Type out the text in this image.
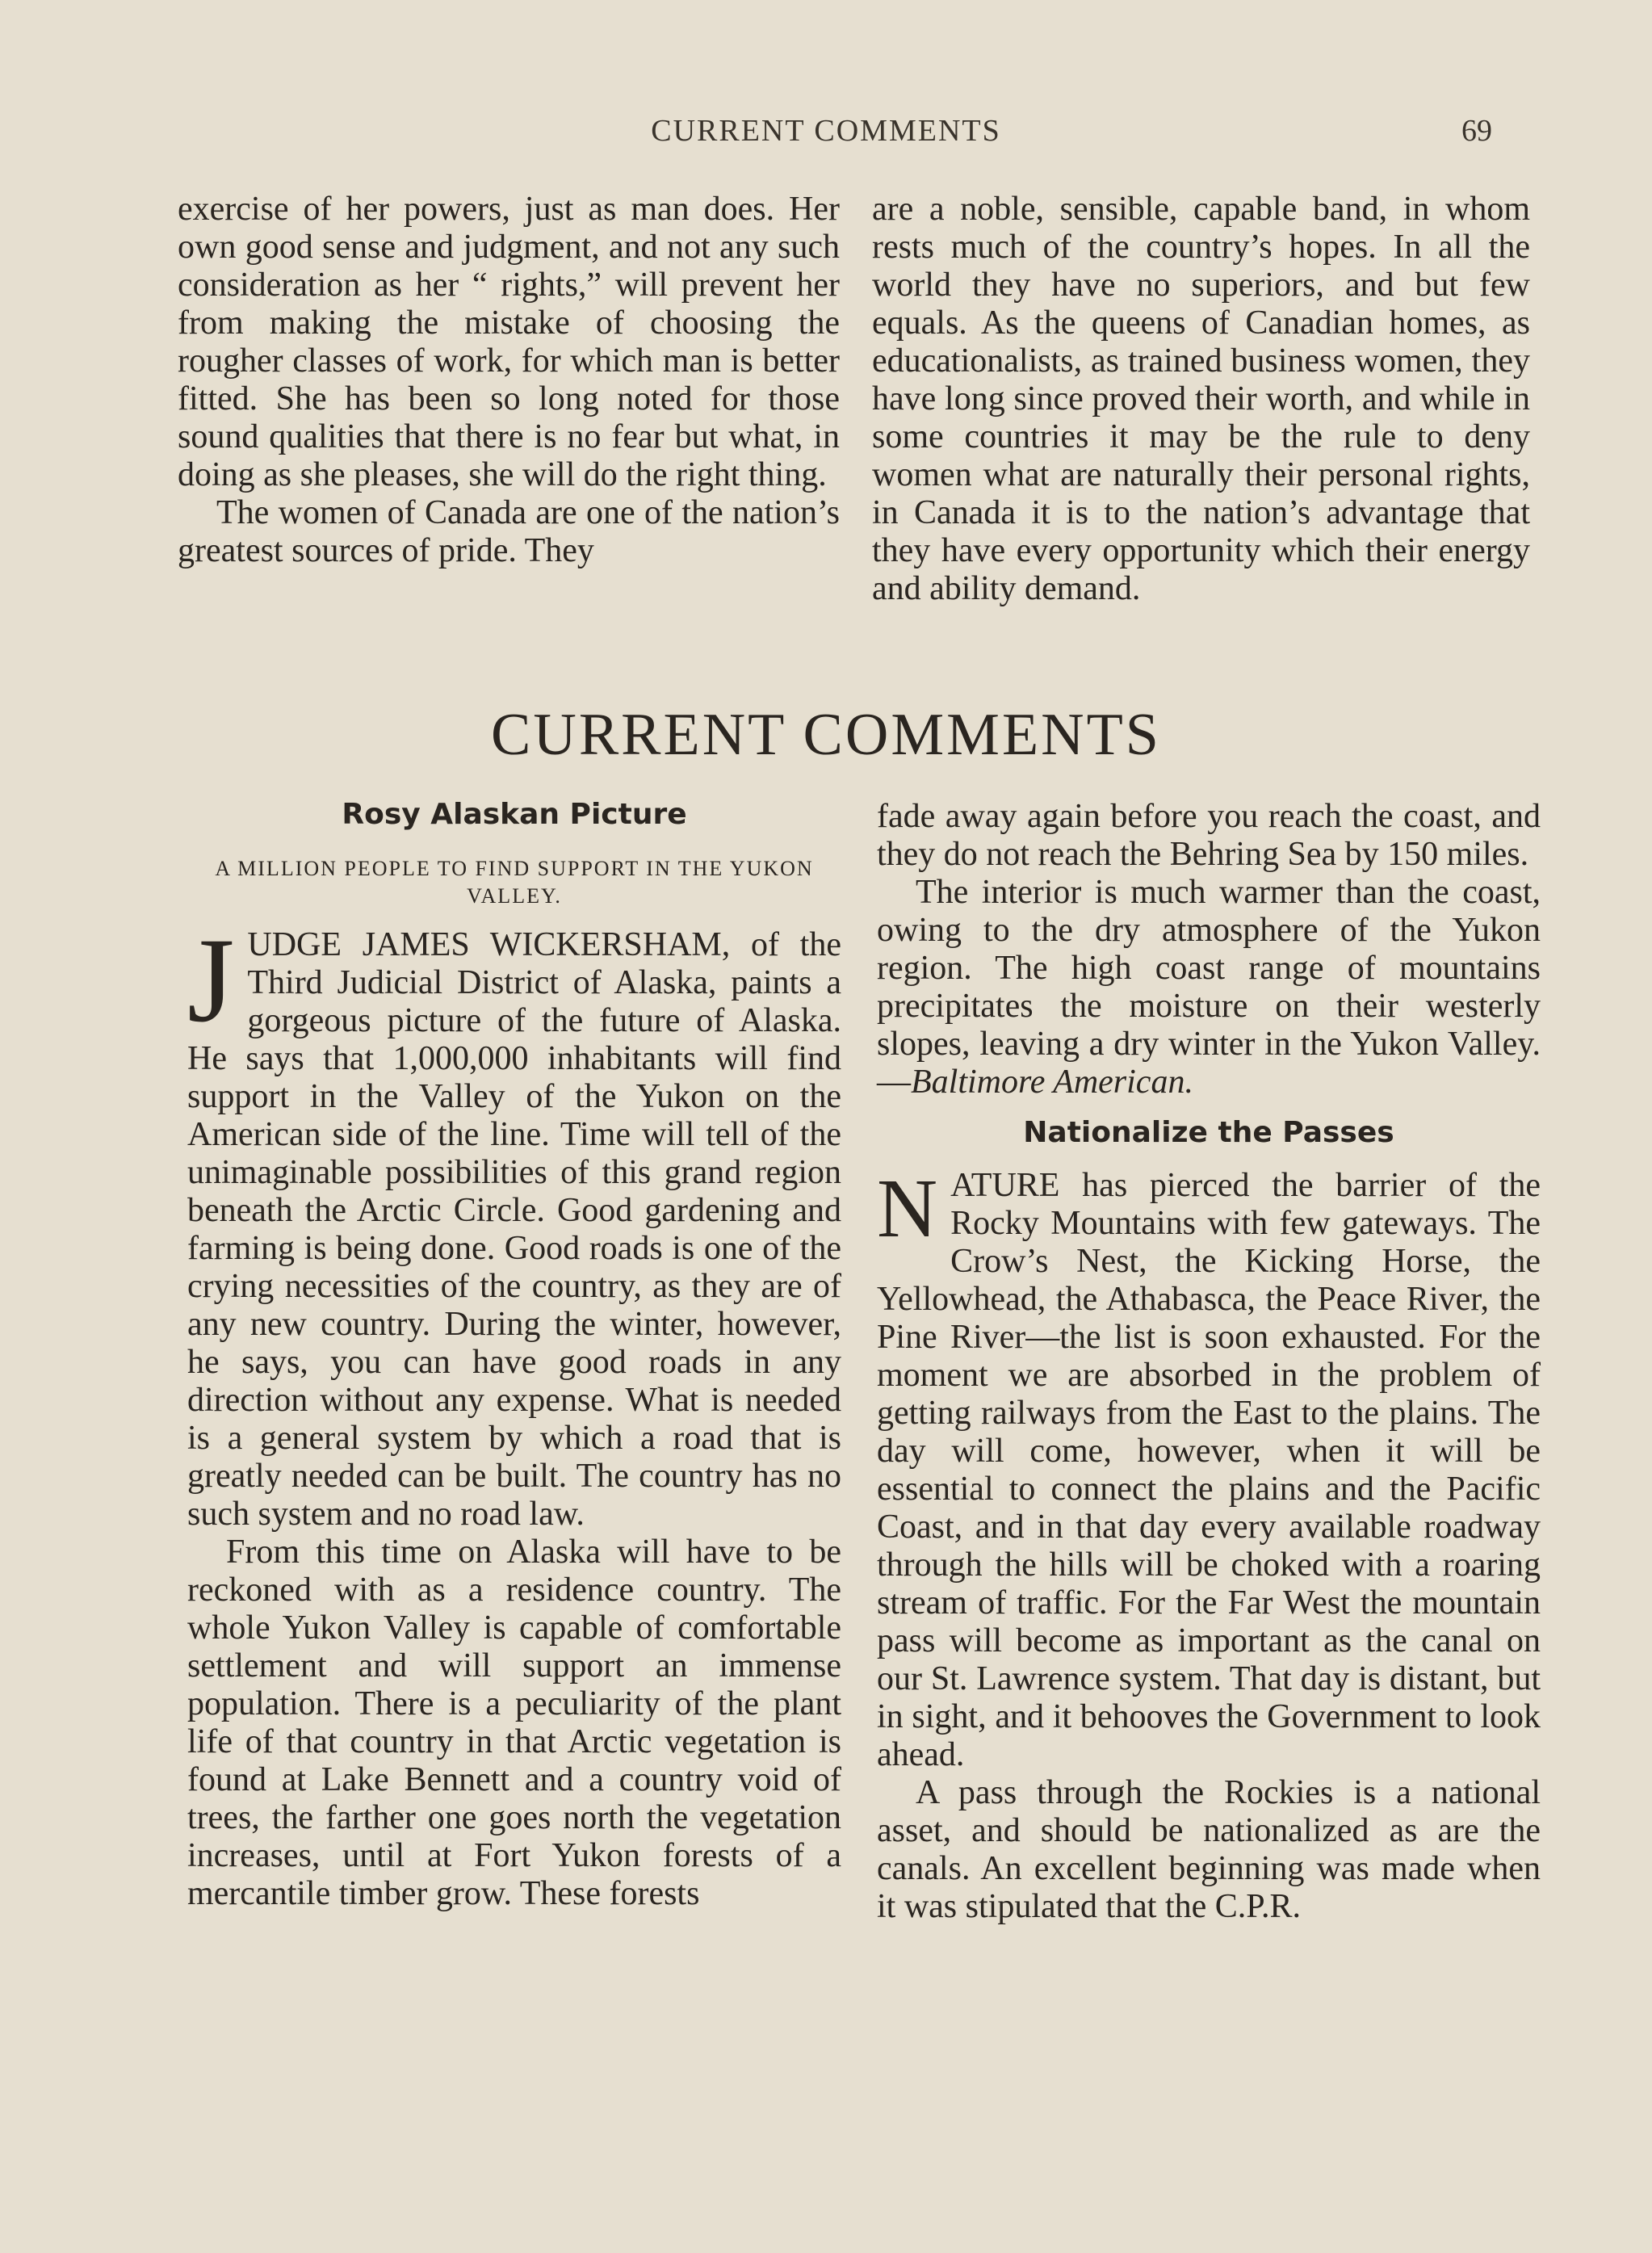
CURRENT COMMENTS	69

exercise of her powers, just as man does. Her own good sense and judgment, and not any such consideration as her “ rights,” will prevent her from making the mistake of choosing the rougher classes of work, for which man is better fitted. She has been so long noted for those sound qualities that there is no fear but what, in doing as she pleases, she will do the right thing.

The women of Canada are one of the nation’s greatest sources of pride. They

are a noble, sensible, capable band, in whom rests much of the country’s hopes. In all the world they have no superiors, and but few equals. As the queens of Canadian homes, as educationalists, as trained business women, they have long since proved their worth, and while in some countries it may be the rule to deny women what are naturally their personal rights, in Canada it is to the nation’s advantage that they have every opportunity which their energy and ability demand.

CURRENT COMMENTS
Rosy Alaskan Picture
A MILLION PEOPLE TO FIND SUPPORT IN THE YUKON VALLEY.

JUDGE JAMES WICKERSHAM, of the Third Judicial District of Alaska, paints a gorgeous picture of the future of Alaska. He says that 1,000,000 inhabitants will find support in the Valley of the Yukon on the American side of the line. Time will tell of the unimaginable possibilities of this grand region beneath the Arctic Circle. Good gardening and farming is being done. Good roads is one of the crying necessities of the country, as they are of any new country. During the winter, however, he says, you can have good roads in any direction without any expense. What is needed is a general system by which a road that is greatly needed can be built. The country has no such system and no road law.

From this time on Alaska will have to be reckoned with as a residence country. The whole Yukon Valley is capable of comfortable settlement and will support an immense population. There is a peculiarity of the plant life of that country in that Arctic vegetation is found at Lake Bennett and a country void of trees, the farther one goes north the vegetation increases, until at Fort Yukon forests of a mercantile timber grow. These forests

fade away again before you reach the coast, and they do not reach the Behring Sea by 150 miles.

The interior is much warmer than the coast, owing to the dry atmosphere of the Yukon region. The high coast range of mountains precipitates the moisture on their westerly slopes, leaving a dry winter in the Yukon Valley.—Baltimore American.

Nationalize the Passes

NATURE has pierced the barrier of the Rocky Mountains with few gateways. The Crow’s Nest, the Kicking Horse, the Yellowhead, the Athabasca, the Peace River, the Pine River—the list is soon exhausted. For the moment we are absorbed in the problem of getting railways from the East to the plains. The day will come, however, when it will be essential to connect the plains and the Pacific Coast, and in that day every available roadway through the hills will be choked with a roaring stream of traffic. For the Far West the mountain pass will become as important as the canal on our St. Lawrence system. That day is distant, but in sight, and it behooves the Government to look ahead.

A pass through the Rockies is a national asset, and should be nationalized as are the canals. An excellent beginning was made when it was stipulated that the C.P.R.
